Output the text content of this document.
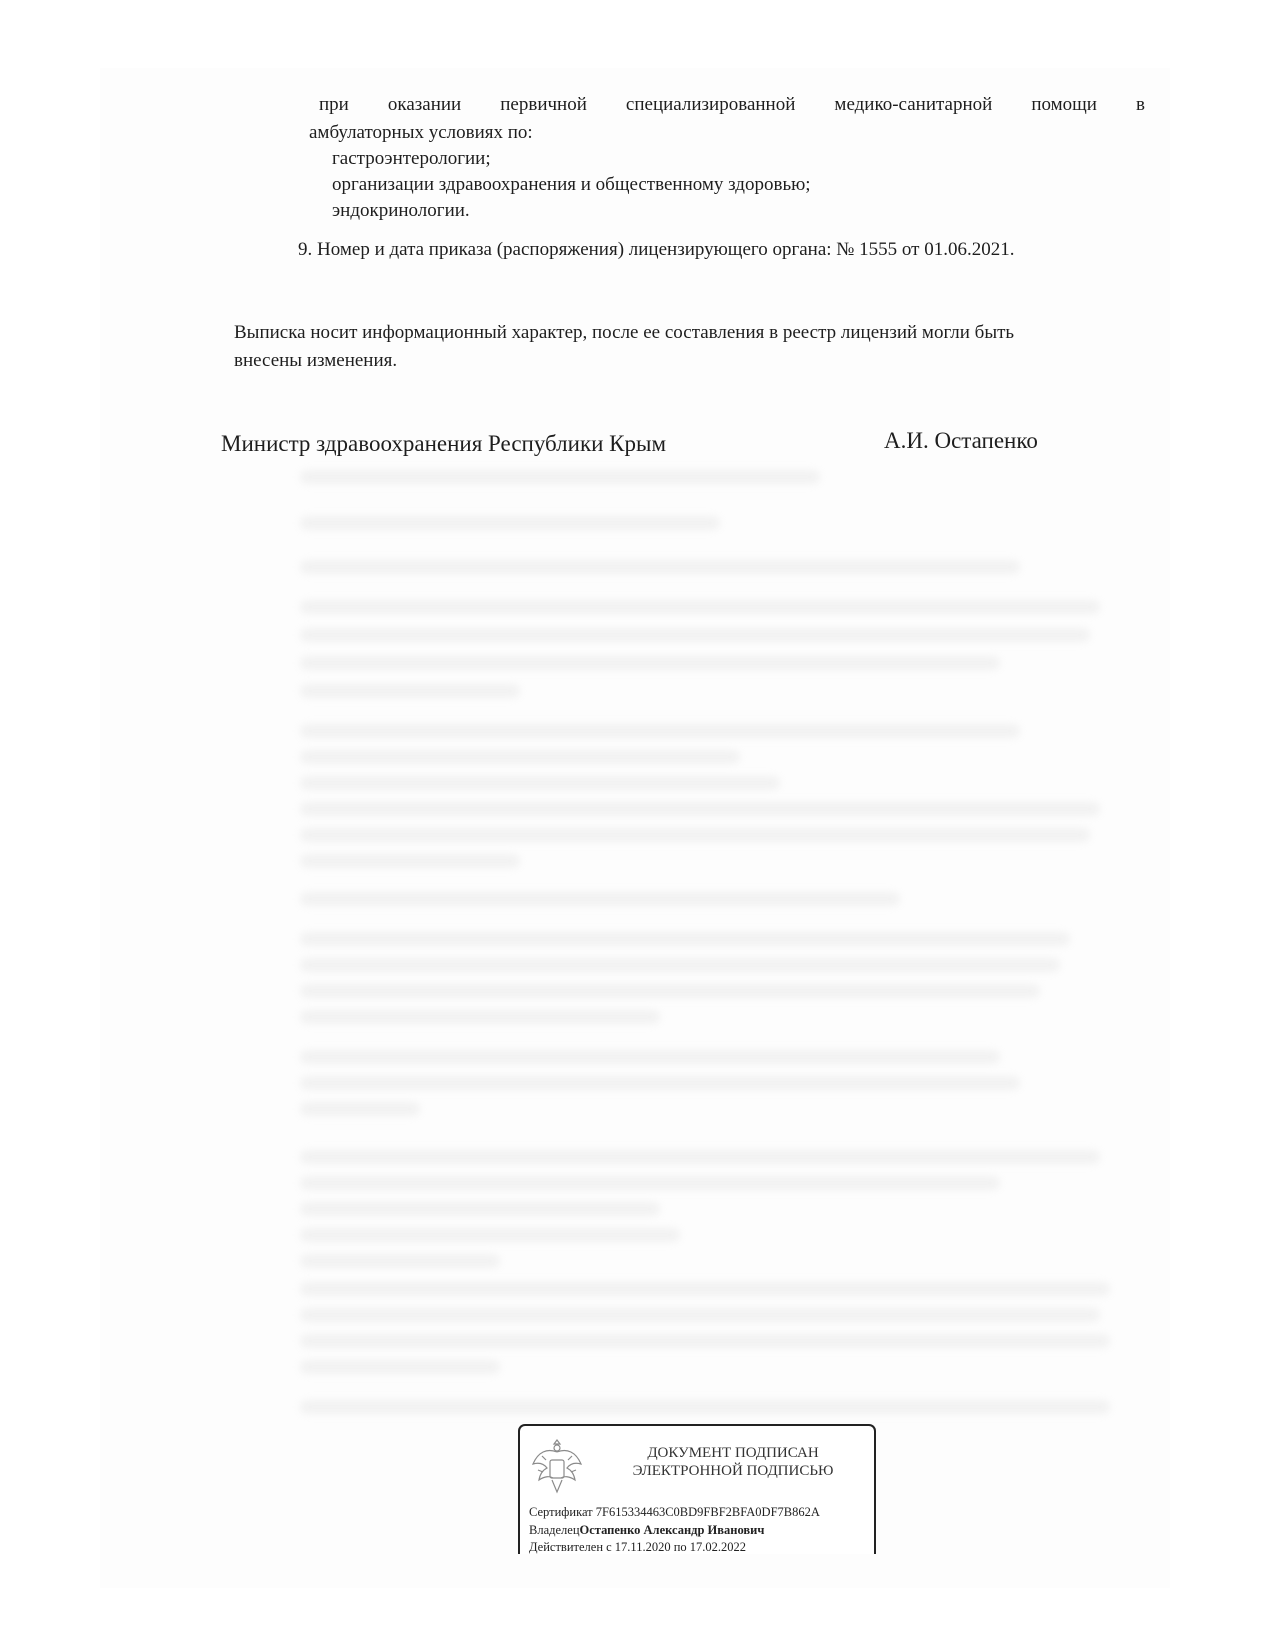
при оказании первичной специализированной медико-санитарной помощи в
амбулаторных условиях по:
гастроэнтерологии;
организации здравоохранения и общественному здоровью;
эндокринологии.
9. Номер и дата приказа (распоряжения) лицензирующего органа: № 1555 от 01.06.2021.
Выписка носит информационный характер, после ее составления в реестр лицензий могли быть
внесены изменения.
Министр здравоохранения Республики Крым	А.И. Остапенко
ДОКУМЕНТ ПОДПИСАН
ЭЛЕКТРОННОЙ ПОДПИСЬЮ
Сертификат 7F615334463C0BD9FBF2BFA0DF7B862A
ВладелецОстапенко Александр Иванович
Действителен с 17.11.2020 по 17.02.2022
